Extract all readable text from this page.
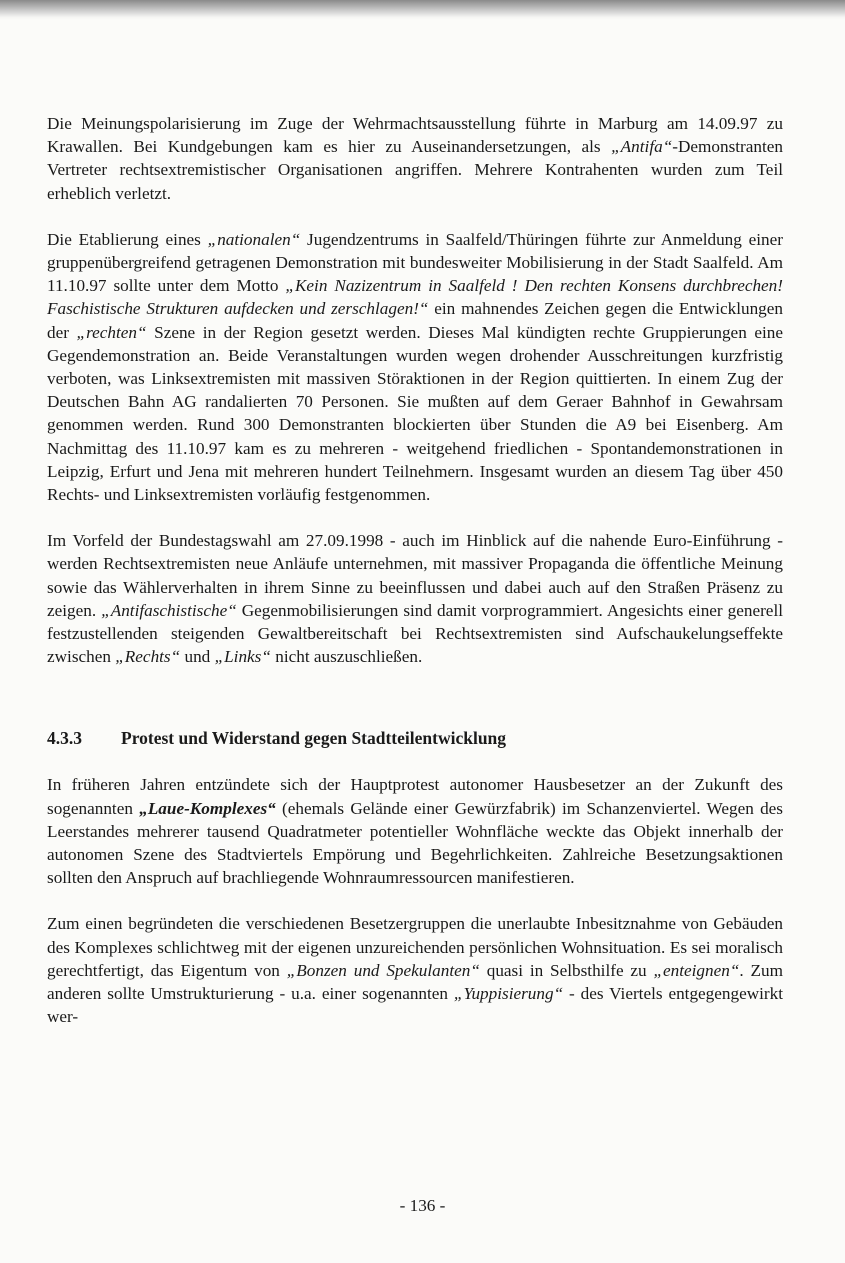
Die Meinungspolarisierung im Zuge der Wehrmachtsausstellung führte in Marburg am 14.09.97 zu Krawallen. Bei Kundgebungen kam es hier zu Auseinandersetzungen, als „Antifa“-Demonstranten Vertreter rechtsextremistischer Organisationen angriffen. Mehrere Kontrahenten wurden zum Teil erheblich verletzt.

Die Etablierung eines „nationalen“ Jugendzentrums in Saalfeld/Thüringen führte zur Anmeldung einer gruppenübergreifend getragenen Demonstration mit bundesweiter Mobilisierung in der Stadt Saalfeld. Am 11.10.97 sollte unter dem Motto „Kein Nazizentrum in Saalfeld ! Den rechten Konsens durchbrechen! Faschistische Strukturen aufdecken und zerschlagen!“ ein mahnendes Zeichen gegen die Entwicklungen der „rechten“ Szene in der Region gesetzt werden. Dieses Mal kündigten rechte Gruppierungen eine Gegendemonstration an. Beide Veranstaltungen wurden wegen drohender Ausschreitungen kurzfristig verboten, was Linksextremisten mit massiven Störaktionen in der Region quittierten. In einem Zug der Deutschen Bahn AG randalierten 70 Personen. Sie mußten auf dem Geraer Bahnhof in Gewahrsam genommen werden. Rund 300 Demonstranten blockierten über Stunden die A9 bei Eisenberg. Am Nachmittag des 11.10.97 kam es zu mehreren - weitgehend friedlichen - Spontandemonstrationen in Leipzig, Erfurt und Jena mit mehreren hundert Teilnehmern. Insgesamt wurden an diesem Tag über 450 Rechts- und Linksextremisten vorläufig festgenommen.

Im Vorfeld der Bundestagswahl am 27.09.1998 - auch im Hinblick auf die nahende Euro-Einführung - werden Rechtsextremisten neue Anläufe unternehmen, mit massiver Propaganda die öffentliche Meinung sowie das Wählerverhalten in ihrem Sinne zu beeinflussen und dabei auch auf den Straßen Präsenz zu zeigen. „Antifaschistische“ Gegenmobilisierungen sind damit vorprogrammiert. Angesichts einer generell festzustellenden steigenden Gewaltbereitschaft bei Rechtsextremisten sind Aufschaukelungseffekte zwischen „Rechts“ und „Links“ nicht auszuschließen.

4.3.3 Protest und Widerstand gegen Stadtteilentwicklung

In früheren Jahren entzündete sich der Hauptprotest autonomer Hausbesetzer an der Zukunft des sogenannten „Laue-Komplexes“ (ehemals Gelände einer Gewürzfabrik) im Schanzenviertel. Wegen des Leerstandes mehrerer tausend Quadratmeter potentieller Wohnfläche weckte das Objekt innerhalb der autonomen Szene des Stadtviertels Empörung und Begehrlichkeiten. Zahlreiche Besetzungsaktionen sollten den Anspruch auf brachliegende Wohnraumressourcen manifestieren.

Zum einen begründeten die verschiedenen Besetzergruppen die unerlaubte Inbesitznahme von Gebäuden des Komplexes schlichtweg mit der eigenen unzureichenden persönlichen Wohnsituation. Es sei moralisch gerechtfertigt, das Eigentum von „Bonzen und Spekulanten“ quasi in Selbsthilfe zu „enteignen“. Zum anderen sollte Umstrukturierung - u.a. einer sogenannten „Yuppisierung“ - des Viertels entgegengewirkt wer-

- 136 -
